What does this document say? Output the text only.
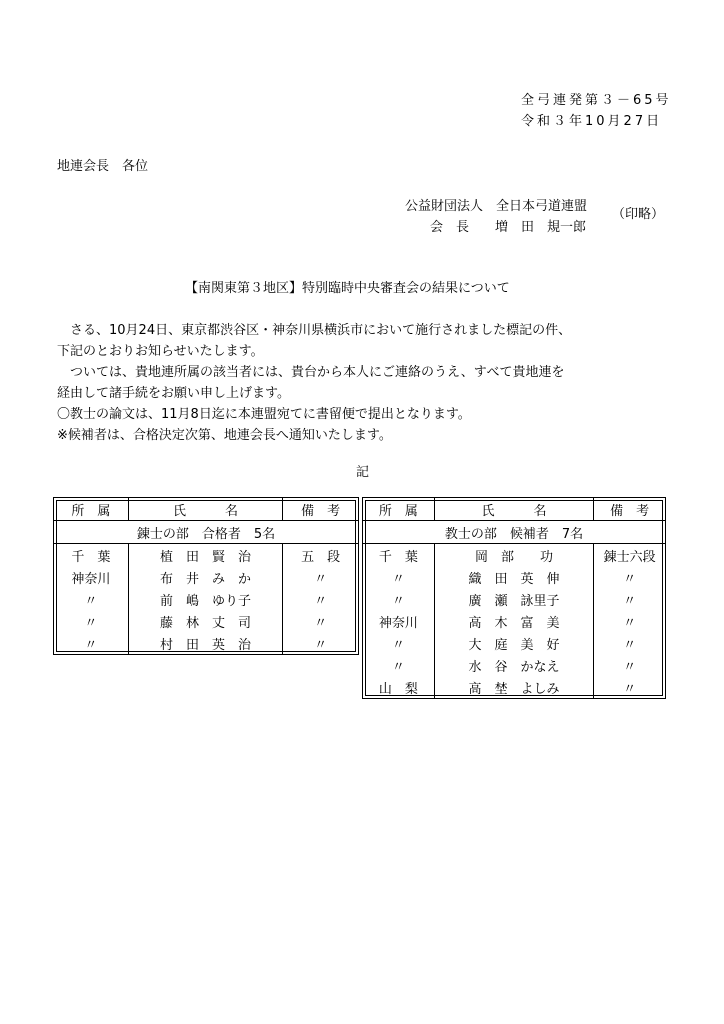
全弓連発第３－65号
令和３年10月27日
地連会長　各位
公益財団法人　全日本弓道連盟
会　長　　増　田　規一郎
（印略）
【南関東第３地区】特別臨時中央審査会の結果について
　さる、10月24日、東京都渋谷区・神奈川県横浜市において施行されました標記の件、
下記のとおりお知らせいたします。
　ついては、貴地連所属の該当者には、貴台から本人にご連絡のうえ、すべて貴地連を
経由して諸手続をお願い申し上げます。
〇教士の論文は、11月8日迄に本連盟宛てに書留便で提出となります。
※候補者は、合格決定次第、地連会長へ通知いたします。
記
所　属	氏　　　名	備　考
錬士の部　合格者　5名		
千　葉	植　田　賢　治	五　段
神奈川	布　井　み　か	〃
〃	前　嶋　ゆり子	〃
〃	藤　林　丈　司	〃
〃	村　田　英　治	〃
所　属	氏　　　名	備　考
教士の部　候補者　7名		
千　葉	岡　部　　功	錬士六段
〃	織　田　英　伸	〃
〃	廣　瀬　詠里子	〃
神奈川	高　木　富　美	〃
〃	大　庭　美　好	〃
〃	水　谷　かなえ	〃
山　梨	高　埜　よしみ	〃
